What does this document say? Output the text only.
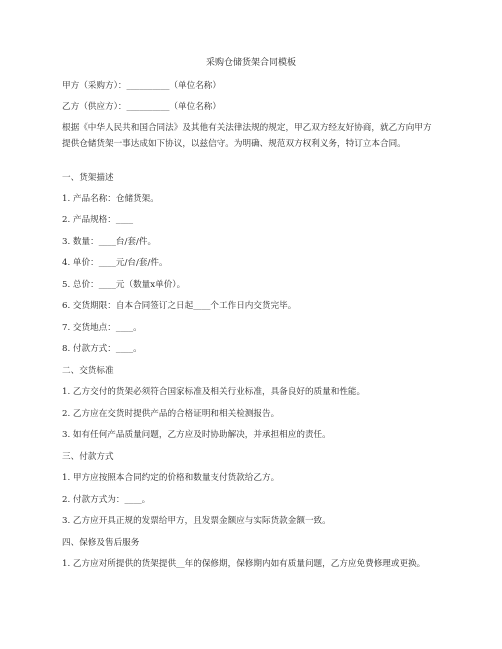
采购仓储货架合同模板
甲方（采购方）：__________（单位名称）
乙方（供应方）：__________（单位名称）
根据《中华人民共和国合同法》及其他有关法律法规的规定，甲乙双方经友好协商，就乙方向甲方提供仓储货架一事达成如下协议，以兹信守。为明确、规范双方权利义务，特订立本合同。
一、货架描述
1. 产品名称：仓储货架。
2. 产品规格：____
3. 数量：____台/套/件。
4. 单价：____元/台/套/件。
5. 总价：____元（数量x单价）。
6. 交货期限：自本合同签订之日起____个工作日内交货完毕。
7. 交货地点：____。
8. 付款方式：____。
二、交货标准
1. 乙方交付的货架必须符合国家标准及相关行业标准，具备良好的质量和性能。
2. 乙方应在交货时提供产品的合格证明和相关检测报告。
3. 如有任何产品质量问题，乙方应及时协助解决，并承担相应的责任。
三、付款方式
1. 甲方应按照本合同约定的价格和数量支付货款给乙方。
2. 付款方式为：____。
3. 乙方应开具正规的发票给甲方，且发票金额应与实际货款金额一致。
四、保修及售后服务
1. 乙方应对所提供的货架提供__年的保修期，保修期内如有质量问题，乙方应免费修理或更换。
